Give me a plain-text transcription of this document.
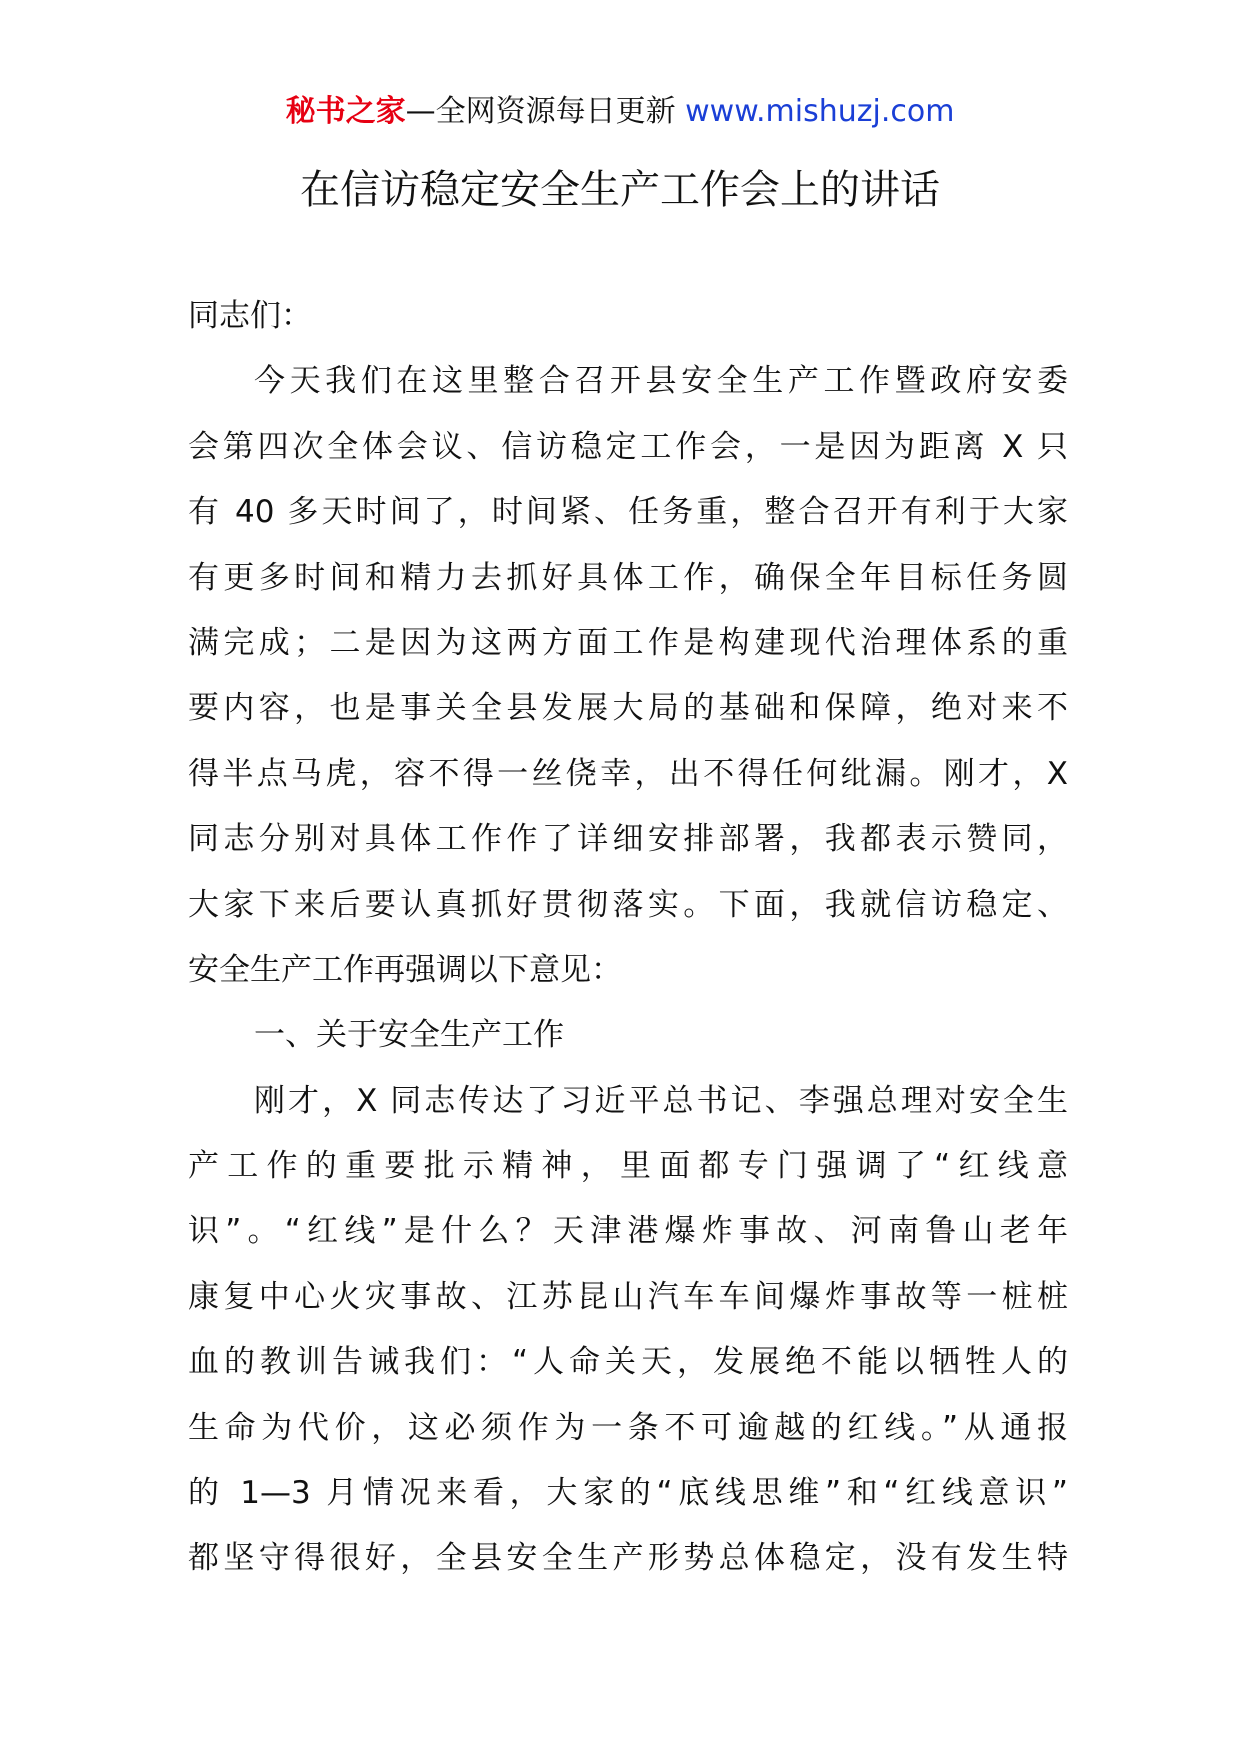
秘书之家—全网资源每日更新 www.mishuzj.com
在信访稳定安全生产工作会上的讲话
同志们：
今天我们在这里整合召开县安全生产工作暨政府安委
会第四次全体会议、信访稳定工作会，一是因为距离 X 只
有 40 多天时间了，时间紧、任务重，整合召开有利于大家
有更多时间和精力去抓好具体工作，确保全年目标任务圆
满完成；二是因为这两方面工作是构建现代治理体系的重
要内容，也是事关全县发展大局的基础和保障，绝对来不
得半点马虎，容不得一丝侥幸，出不得任何纰漏。刚才，X
同志分别对具体工作作了详细安排部署，我都表示赞同，
大家下来后要认真抓好贯彻落实。下面，我就信访稳定、
安全生产工作再强调以下意见：
一、关于安全生产工作
刚才，X 同志传达了习近平总书记、李强总理对安全生
产工作的重要批示精神，里面都专门强调了“红线意
识”。“红线”是什么？天津港爆炸事故、河南鲁山老年
康复中心火灾事故、江苏昆山汽车车间爆炸事故等一桩桩
血的教训告诫我们：“人命关天，发展绝不能以牺牲人的
生命为代价，这必须作为一条不可逾越的红线。”从通报
的 1—3 月情况来看，大家的“底线思维”和“红线意识”
都坚守得很好，全县安全生产形势总体稳定，没有发生特
